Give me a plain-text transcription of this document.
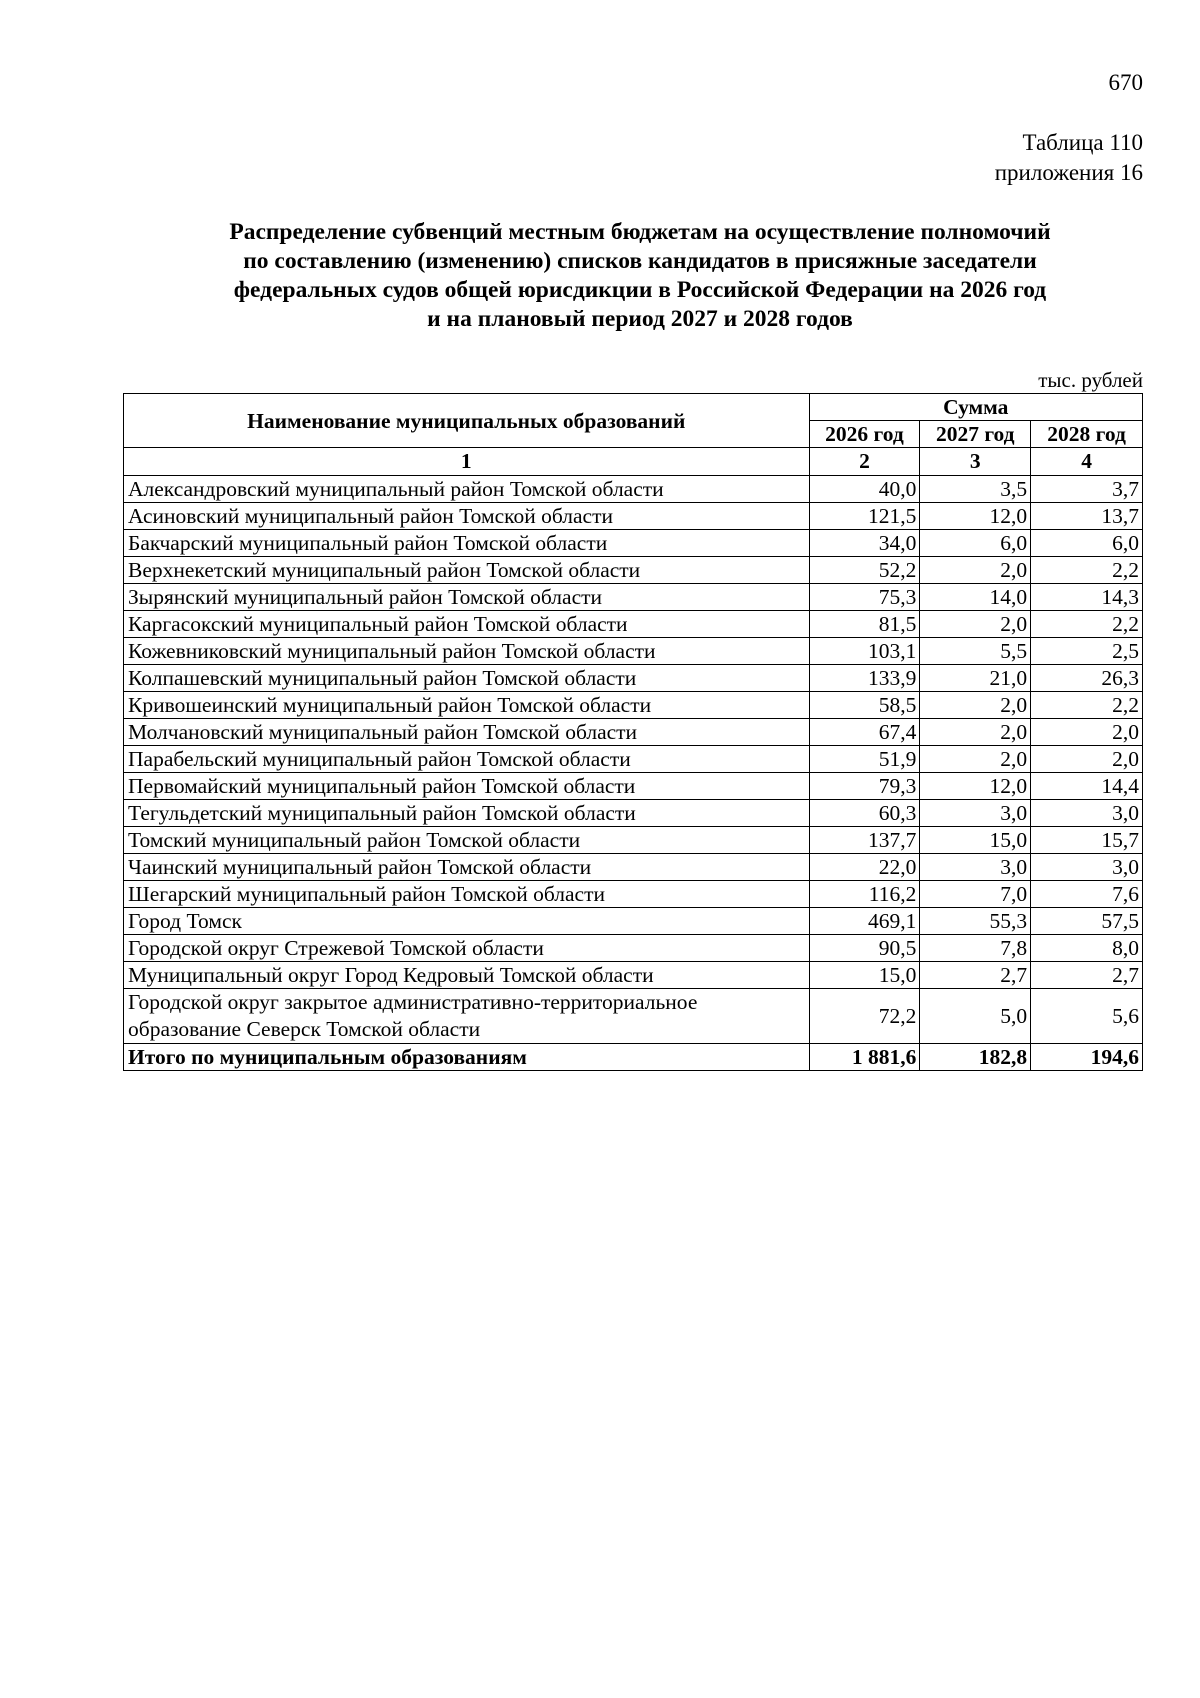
670
Таблица 110
приложения 16
Распределение субвенций местным бюджетам на осуществление полномочий
по составлению (изменению) списков кандидатов в присяжные заседатели
федеральных судов общей юрисдикции в Российской Федерации на 2026 год
и на плановый период 2027 и 2028 годов
тыс. рублей
Наименование муниципальных образований	Сумма		
	2026 год	2027 год	2028 год
1	2	3	4
Александровский муниципальный район Томской области	40,0	3,5	3,7
Асиновский муниципальный район Томской области	121,5	12,0	13,7
Бакчарский муниципальный район Томской области	34,0	6,0	6,0
Верхнекетский муниципальный район Томской области	52,2	2,0	2,2
Зырянский муниципальный район Томской области	75,3	14,0	14,3
Каргасокский муниципальный район Томской области	81,5	2,0	2,2
Кожевниковский муниципальный район Томской области	103,1	5,5	2,5
Колпашевский муниципальный район Томской области	133,9	21,0	26,3
Кривошеинский муниципальный район Томской области	58,5	2,0	2,2
Молчановский муниципальный район Томской области	67,4	2,0	2,0
Парабельский муниципальный район Томской области	51,9	2,0	2,0
Первомайский муниципальный район Томской области	79,3	12,0	14,4
Тегульдетский муниципальный район Томской области	60,3	3,0	3,0
Томский муниципальный район Томской области	137,7	15,0	15,7
Чаинский муниципальный район Томской области	22,0	3,0	3,0
Шегарский муниципальный район Томской области	116,2	7,0	7,6
Город Томск	469,1	55,3	57,5
Городской округ Стрежевой Томской области	90,5	7,8	8,0
Муниципальный округ Город Кедровый Томской области	15,0	2,7	2,7
Городской округ закрытое административно-территориальное образование Северск Томской области	72,2	5,0	5,6
Итого по муниципальным образованиям	1 881,6	182,8	194,6
